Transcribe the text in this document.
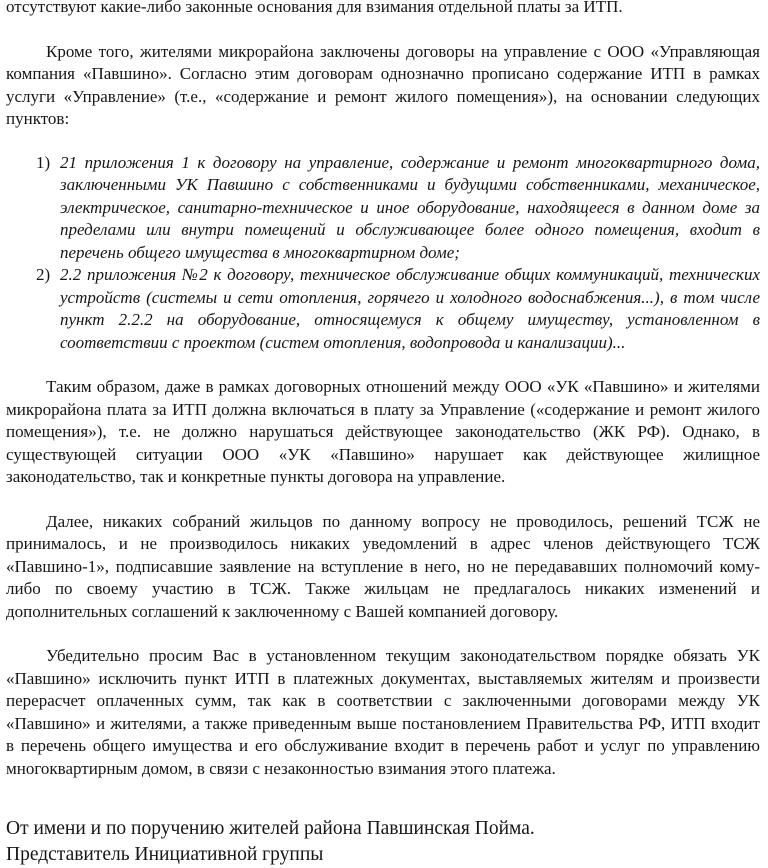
отсутствуют какие-либо законные основания для взимания отдельной платы за ИТП.

Кроме того, жителями микрорайона заключены договоры на управление с ООО «Управляющая компания «Павшино». Согласно этим договорам однозначно прописано содержание ИТП в рамках услуги «Управление» (т.е., «содержание и ремонт жилого помещения»), на основании следующих пунктов:

1) 21 приложения 1 к договору на управление, содержание и ремонт многоквартирного дома, заключенными УК Павшино с собственниками и будущими собственниками, механическое, электрическое, санитарно-техническое и иное оборудование, находящееся в данном доме за пределами или внутри помещений и обслуживающее более одного помещения, входит в перечень общего имущества в многоквартирном доме;
2) 2.2 приложения №2 к договору, техническое обслуживание общих коммуникаций, технических устройств (системы и сети отопления, горячего и холодного водоснабжения...), в том числе пункт 2.2.2 на оборудование, относящемуся к общему имуществу, установленном в соответствии с проектом (систем отопления, водопровода и канализации)...

Таким образом, даже в рамках договорных отношений между ООО «УК «Павшино» и жителями микрорайона плата за ИТП должна включаться в плату за Управление («содержание и ремонт жилого помещения»), т.е. не должно нарушаться действующее законодательство (ЖК РФ). Однако, в существующей ситуации ООО «УК «Павшино» нарушает как действующее жилищное законодательство, так и конкретные пункты договора на управление.

Далее, никаких собраний жильцов по данному вопросу не проводилось, решений ТСЖ не принималось, и не производилось никаких уведомлений в адрес членов действующего ТСЖ «Павшино-1», подписавшие заявление на вступление в него, но не передававших полномочий кому-либо по своему участию в ТСЖ. Также жильцам не предлагалось никаких изменений и дополнительных соглашений к заключенному с Вашей компанией договору.

Убедительно просим Вас в установленном текущим законодательством порядке обязать УК «Павшино» исключить пункт ИТП в платежных документах, выставляемых жителям и произвести перерасчет оплаченных сумм, так как в соответствии с заключенными договорами между УК «Павшино» и жителями, а также приведенным выше постановлением Правительства РФ, ИТП входит в перечень общего имущества и его обслуживание входит в перечень работ и услуг по управлению многоквартирным домом, в связи с незаконностью взимания этого платежа.

От имени и по поручению жителей района Павшинская Пойма.
Представитель Инициативной группы
